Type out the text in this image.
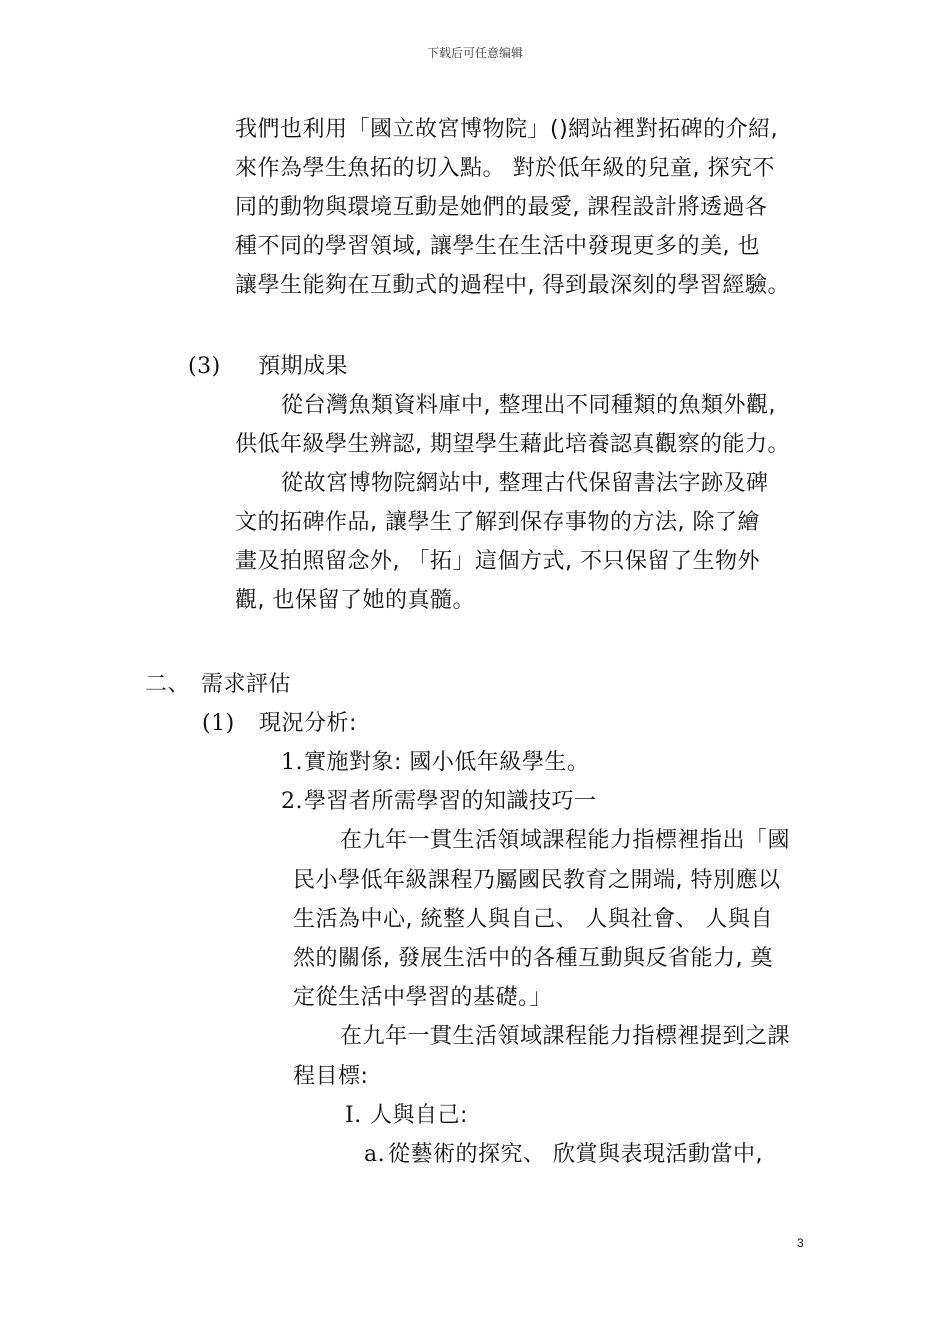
下载后可任意编辑
我們也利用「國立故宮博物院」()網站裡對拓碑的介紹,
來作為學生魚拓的切入點。 對於低年級的兒童, 探究不
同的動物與環境互動是她們的最愛, 課程設計將透過各
種不同的學習領域, 讓學生在生活中發現更多的美, 也
讓學生能夠在互動式的過程中, 得到最深刻的學習經驗。
(3) 預期成果
從台灣魚類資料庫中, 整理出不同種類的魚類外觀,
供低年級學生辨認, 期望學生藉此培養認真觀察的能力。
從故宮博物院網站中, 整理古代保留書法字跡及碑
文的拓碑作品, 讓學生了解到保存事物的方法, 除了繪
畫及拍照留念外, 「拓」這個方式, 不只保留了生物外
觀, 也保留了她的真髓。
二、 需求評估
(1) 現況分析:
1. 實施對象: 國小低年級學生。
2. 學習者所需學習的知識技巧一
在九年一貫生活領域課程能力指標裡指出「國
民小學低年級課程乃屬國民教育之開端, 特別應以
生活為中心, 統整人與自己、 人與社會、 人與自
然的關係, 發展生活中的各種互動與反省能力, 奠
定從生活中學習的基礎。」
在九年一貫生活領域課程能力指標裡提到之課
程目標:
Ⅰ. 人與自己:
a. 從藝術的探究、 欣賞與表現活動當中,
3
